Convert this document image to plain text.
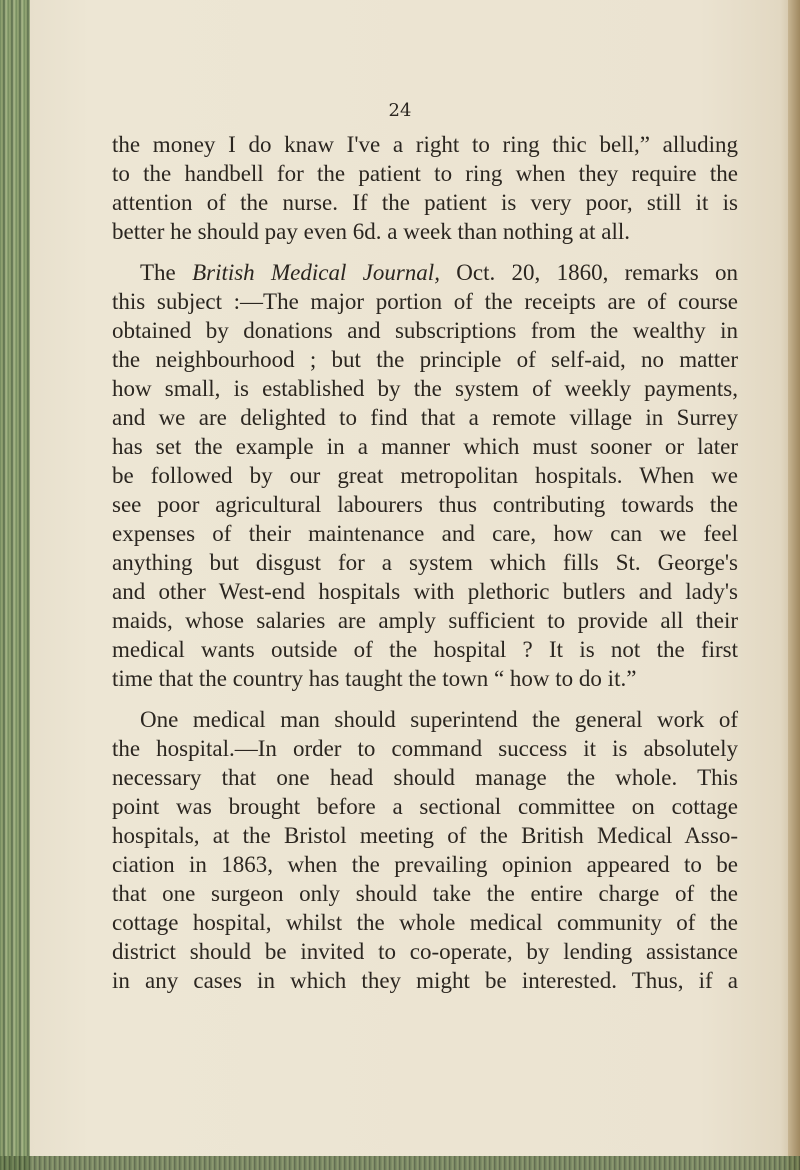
24
the money I do knaw I've a right to ring thic bell,” alluding
to the handbell for the patient to ring when they require the
attention of the nurse. If the patient is very poor, still it is
better he should pay even 6d. a week than nothing at all.
The British Medical Journal, Oct. 20, 1860, remarks on
this subject :—The major portion of the receipts are of course
obtained by donations and subscriptions from the wealthy in
the neighbourhood ; but the principle of self-aid, no matter
how small, is established by the system of weekly payments,
and we are delighted to find that a remote village in Surrey
has set the example in a manner which must sooner or later
be followed by our great metropolitan hospitals. When we
see poor agricultural labourers thus contributing towards the
expenses of their maintenance and care, how can we feel
anything but disgust for a system which fills St. George's
and other West-end hospitals with plethoric butlers and lady's
maids, whose salaries are amply sufficient to provide all their
medical wants outside of the hospital ? It is not the first
time that the country has taught the town “ how to do it.”
One medical man should superintend the general work of
the hospital.—In order to command success it is absolutely
necessary that one head should manage the whole. This
point was brought before a sectional committee on cottage
hospitals, at the Bristol meeting of the British Medical Asso-
ciation in 1863, when the prevailing opinion appeared to be
that one surgeon only should take the entire charge of the
cottage hospital, whilst the whole medical community of the
district should be invited to co-operate, by lending assistance
in any cases in which they might be interested. Thus, if a
